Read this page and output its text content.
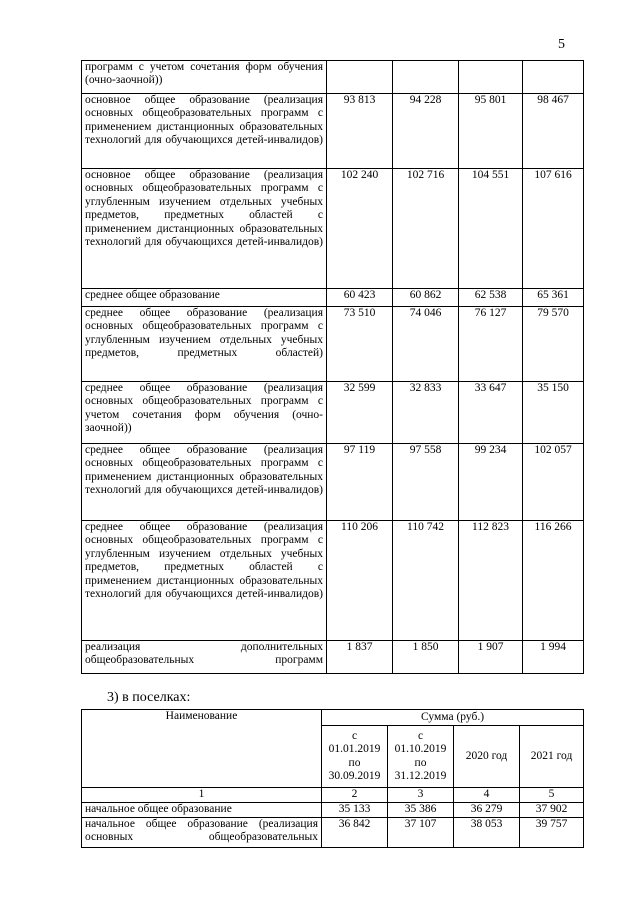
5
программ с учетом сочетания форм обучения (очно-заочной))				
основное общее образование (реализация основных общеобразовательных программ с применением дистанционных образовательных технологий для обучающихся детей-инвалидов)	93 813	94 228	95 801	98 467
основное общее образование (реализация основных общеобразовательных программ с углубленным изучением отдельных учебных предметов, предметных областей с применением дистанционных образовательных технологий для обучающихся детей-инвалидов)	102 240	102 716	104 551	107 616
среднее общее образование	60 423	60 862	62 538	65 361
среднее общее образование (реализация основных общеобразовательных программ с углубленным изучением отдельных учебных предметов, предметных областей)	73 510	74 046	76 127	79 570
среднее общее образование (реализация основных общеобразовательных программ с учетом сочетания форм обучения (очно-заочной))	32 599	32 833	33 647	35 150
среднее общее образование (реализация основных общеобразовательных программ с применением дистанционных образовательных технологий для обучающихся детей-инвалидов)	97 119	97 558	99 234	102 057
среднее общее образование (реализация основных общеобразовательных программ с углубленным изучением отдельных учебных предметов, предметных областей с применением дистанционных образовательных технологий для обучающихся детей-инвалидов)	110 206	110 742	112 823	116 266
реализация дополнительных общеобразовательных программ	1 837	1 850	1 907	1 994
3) в поселках:
Наименование	Сумма (руб.)			
	с 01.01.2019 по 30.09.2019	с 01.10.2019 по 31.12.2019	2020 год	2021 год
1	2	3	4	5
начальное общее образование	35 133	35 386	36 279	37 902
начальное общее образование (реализация основных общеобразовательных	36 842	37 107	38 053	39 757
